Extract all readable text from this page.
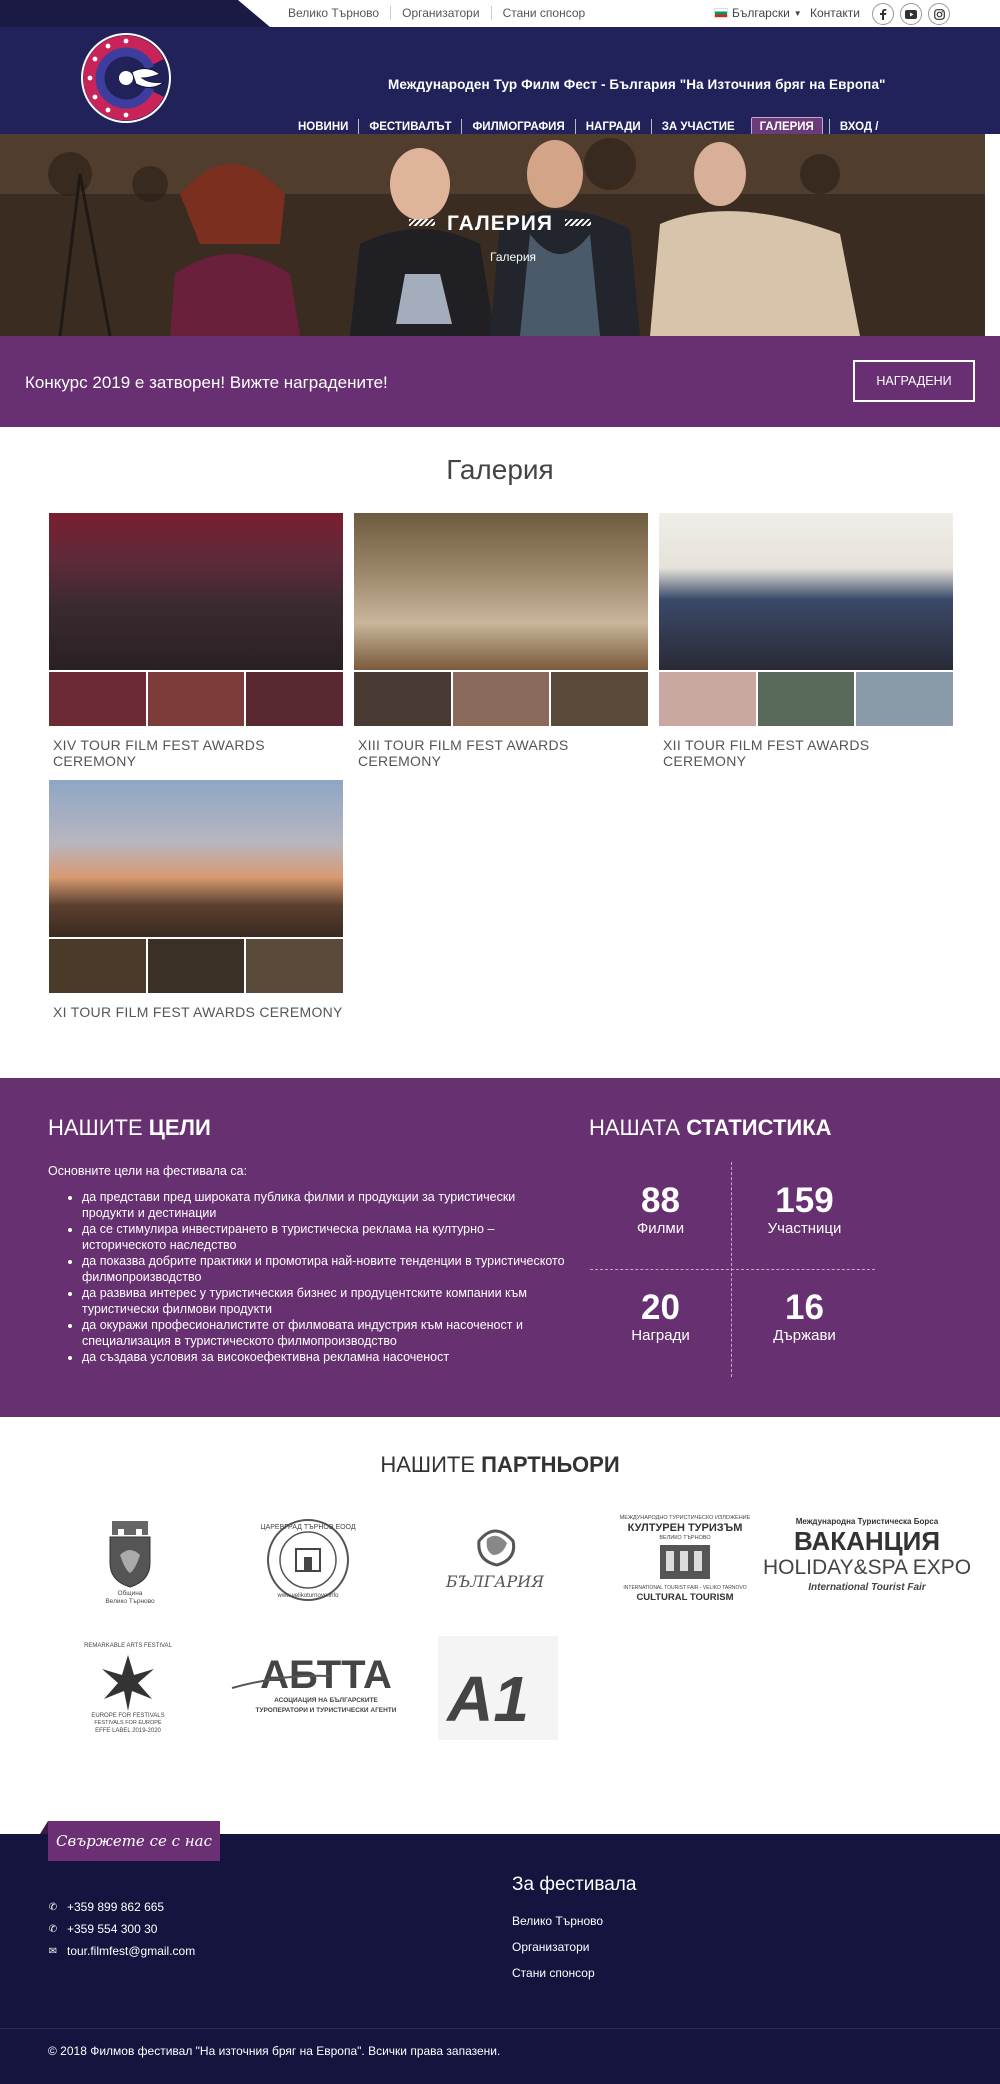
Велико Търново	Организатори	Стани спонсор	Български ▼ Контакти
Международен Тур Филм Фест - България "На Източния бряг на Европа"
НОВИНИ	ФЕСТИВАЛЪТ	ФИЛМОГРАФИЯ	НАГРАДИ	ЗА УЧАСТИЕ	ГАЛЕРИЯ	ВХОД /
ГАЛЕРИЯ
Галерия
Конкурс 2019 е затворен! Вижте наградените!	НАГРАДЕНИ
Галерия
XIV TOUR FILM FEST AWARDS CEREMONY
XIII TOUR FILM FEST AWARDS CEREMONY
XII TOUR FILM FEST AWARDS CEREMONY
XI TOUR FILM FEST AWARDS CEREMONY
НАШИТЕ ЦЕЛИ
Основните цели на фестивала са:
• да представи пред широката публика филми и продукции за туристически продукти и дестинации
• да се стимулира инвестирането в туристическа реклама на културно – историческото наследство
• да показва добрите практики и промотира най-новите тенденции в туристическото филмопроизводство
• да развива интерес у туристическия бизнес и продуцентските компании към туристически филмови продукти
• да окуражи професионалистите от филмовата индустрия към насоченост и специализация в туристическото филмопроизводство
• да създава условия за високоефективна рекламна насоченост
НАШАТА СТАТИСТИКА
88
Филми
159
Участници
20
Награди
16
Държави
НАШИТЕ ПАРТНЬОРИ
Община
Велико Търново
ЦАРЕВГРАД ТЪРНОВ ЕООД
www.velikoturnovo.info
БЪЛГАРИЯ
МЕЖДУНАРОДНО ТУРИСТИЧЕСКО ИЗЛОЖЕНИЕ
КУЛТУРЕН ТУРИЗЪМ
ВЕЛИКО ТЪРНОВО
INTERNATIONAL TOURIST FAIR - VELIKO TARNOVO
CULTURAL TOURISM
Международна Туристическа Борса
ВАКАНЦИЯ
HOLIDAY&SPA EXPO
International Tourist Fair
REMARKABLE ARTS FESTIVAL
EUROPE FOR FESTIVALS
FESTIVALS FOR EUROPE
EFFE LABEL 2019-2020
АБТТА
АСОЦИАЦИЯ НА БЪЛГАРСКИТЕ
ТУРОПЕРАТОРИ И ТУРИСТИЧЕСКИ АГЕНТИ A1
Свържете се с нас
✆ +359 899 862 665
✆ +359 554 300 30
✉ tour.filmfest@gmail.com
За фестивала
Велико Търново
Организатори
Стани спонсор
© 2018 Филмов фестивал "На източния бряг на Европа". Всички права запазени.
